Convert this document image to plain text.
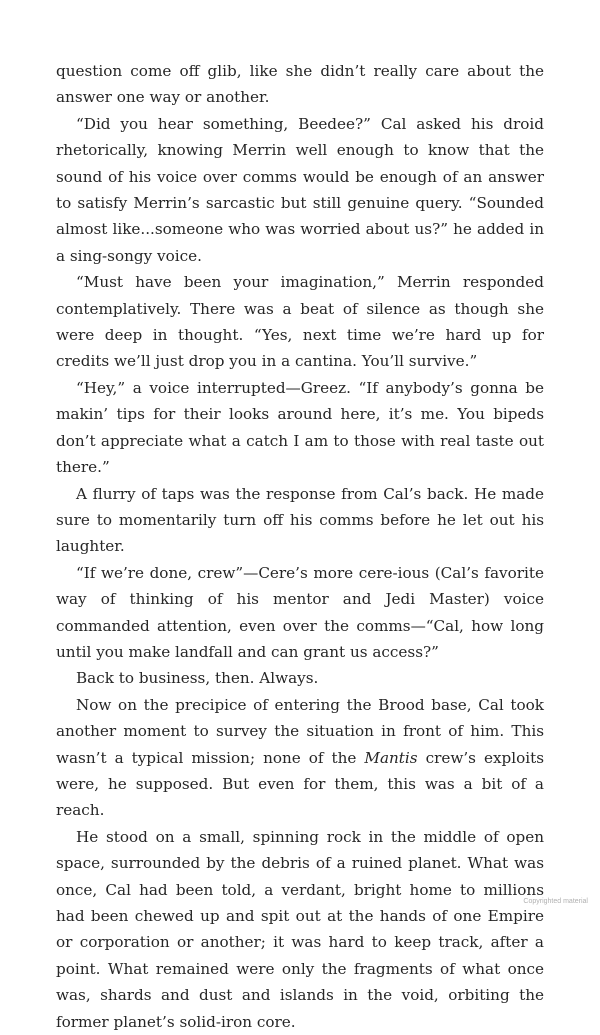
question come off glib, like she didn’t really care about the answer one way or another.

“Did you hear something, Beedee?” Cal asked his droid rhetorically, knowing Merrin well enough to know that the sound of his voice over comms would be enough of an answer to satisfy Merrin’s sarcastic but still genuine query. “Sounded almost like...someone who was worried about us?” he added in a sing-songy voice.

“Must have been your imagination,” Merrin responded contemplatively. There was a beat of silence as though she were deep in thought. “Yes, next time we’re hard up for credits we’ll just drop you in a cantina. You’ll survive.”

“Hey,” a voice interrupted—Greez. “If anybody’s gonna be makin’ tips for their looks around here, it’s me. You bipeds don’t appreciate what a catch I am to those with real taste out there.”

A flurry of taps was the response from Cal’s back. He made sure to momentarily turn off his comms before he let out his laughter.

“If we’re done, crew”—Cere’s more cere-ious (Cal’s favorite way of thinking of his mentor and Jedi Master) voice commanded attention, even over the comms—“Cal, how long until you make landfall and can grant us access?”

Back to business, then. Always.

Now on the precipice of entering the Brood base, Cal took another moment to survey the situation in front of him. This wasn’t a typical mission; none of the Mantis crew’s exploits were, he supposed. But even for them, this was a bit of a reach.

He stood on a small, spinning rock in the middle of open space, surrounded by the debris of a ruined planet. What was once, Cal had been told, a verdant, bright home to millions had been chewed up and spit out at the hands of one Empire or corporation or another; it was hard to keep track, after a point. What remained were only the fragments of what once was, shards and dust and islands in the void, orbiting the former planet’s solid-iron core.

Copyrighted material
